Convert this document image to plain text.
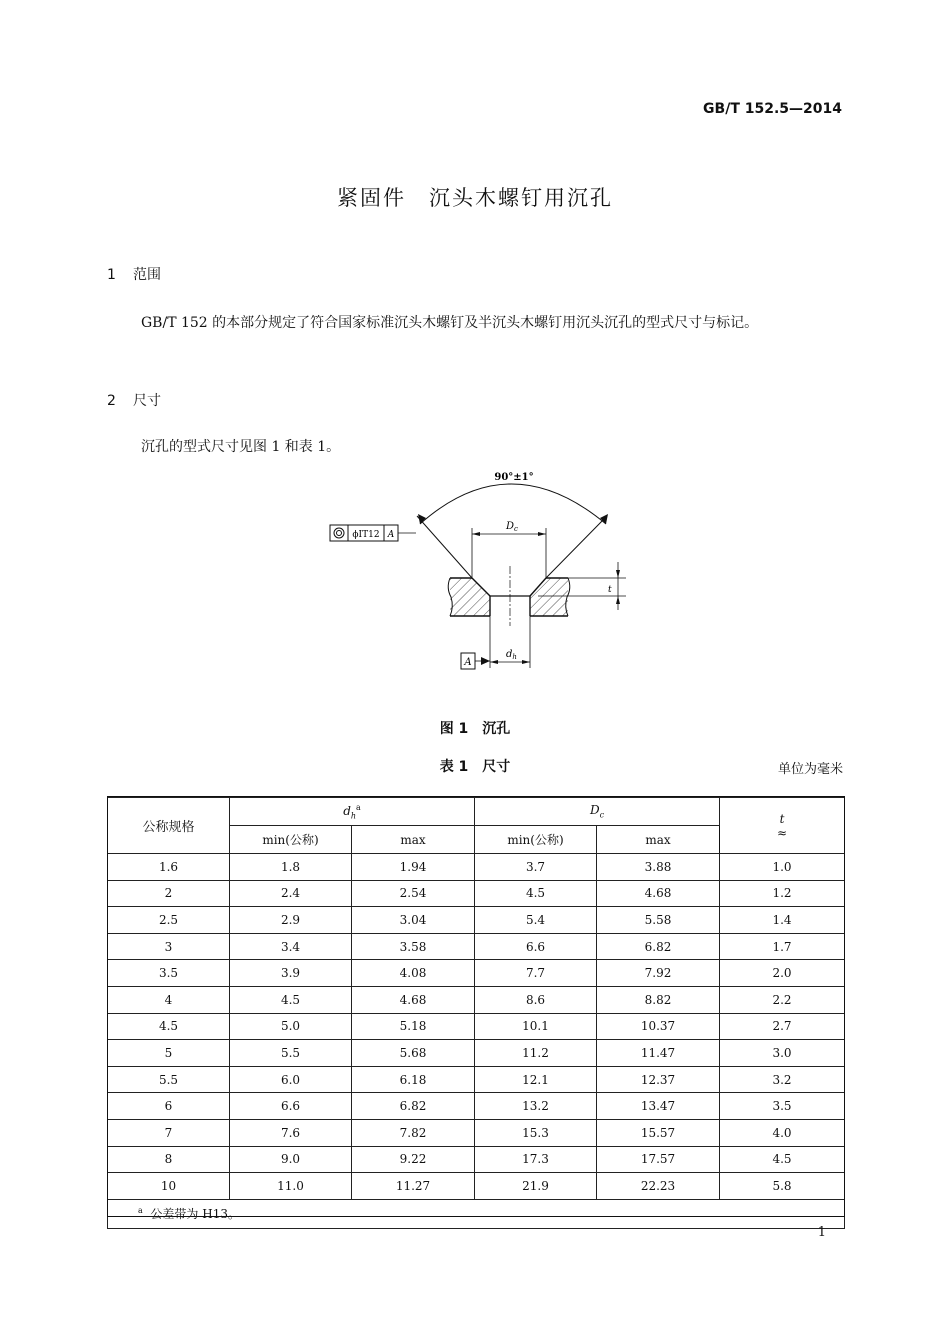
GB/T 152.5—2014
紧固件　沉头木螺钉用沉孔
1 范围
GB/T 152 的本部分规定了符合国家标准沉头木螺钉及半沉头木螺钉用沉头沉孔的型式尺寸与标记。
2 尺寸
沉孔的型式尺寸见图 1 和表 1。
90°±1°
$D_c$
t
$d_h$
A
ϕIT12 A
图 1　沉孔
表 1　尺寸	单位为毫米
公称规格	$d_h^a$		$D_c$		t
≈

	min(公称)	max	min(公称)	max	
1.6	1.8	1.94	3.7	3.88	1.0
2	2.4	2.54	4.5	4.68	1.2
2.5	2.9	3.04	5.4	5.58	1.4
3	3.4	3.58	6.6	6.82	1.7
3.5	3.9	4.08	7.7	7.92	2.0
4	4.5	4.68	8.6	8.82	2.2
4.5	5.0	5.18	10.1	10.37	2.7
5	5.5	5.68	11.2	11.47	3.0
5.5	6.0	6.18	12.1	12.37	3.2
6	6.6	6.82	13.2	13.47	3.5
7	7.6	7.82	15.3	15.57	4.0
8	9.0	9.22	17.3	17.57	4.5
10	11.0	11.27	21.9	22.23	5.8
$^a$ 公差带为 H13。					
1
